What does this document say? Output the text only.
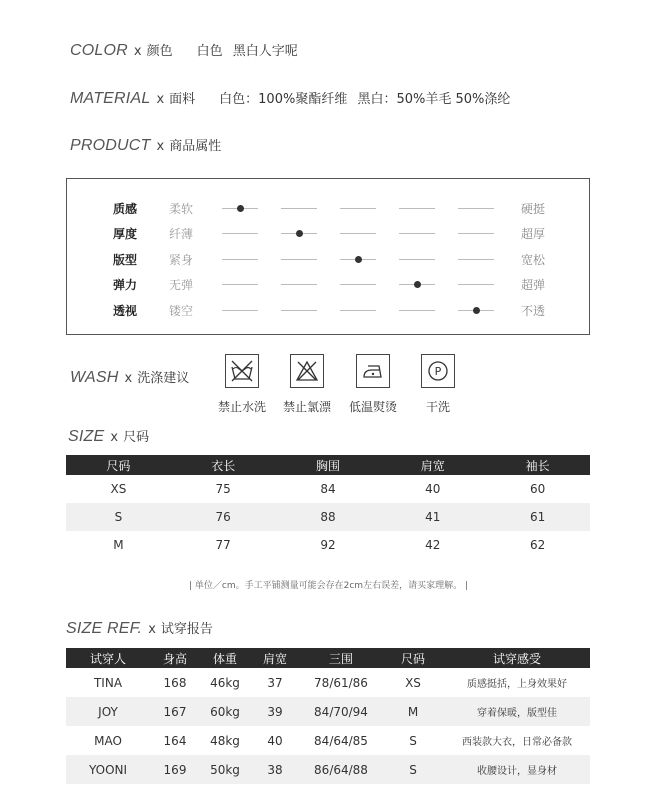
COLOR x 颜色 白色 黑白人字呢
MATERIAL x 面料 白色：100%聚酯纤维 黑白：50%羊毛 50%涤纶
PRODUCT x 商品属性
质感	柔软	硬挺
厚度	纤薄	超厚
版型	紧身	宽松
弹力	无弹	超弹
透视	镂空	不透
WASH x 洗涤建议
禁止水洗	禁止氯漂	低温熨烫
P
干洗
SIZE x 尺码
尺码	衣长	胸围	肩宽	袖长
XS	75	84	40	60
S	76	88	41	61
M	77	92	42	62
| 单位／cm。手工平铺测量可能会存在2cm左右误差，请买家理解。 |
SIZE REF. x 试穿报告
试穿人	身高	体重	肩宽	三围	尺码	试穿感受
TINA	168	46kg	37	78/61/86	XS	质感挺括，上身效果好
JOY	167	60kg	39	84/70/94	M	穿着保暖，版型佳
MAO	164	48kg	40	84/64/85	S	西装款大衣，日常必备款
YOONI	169	50kg	38	86/64/88	S	收腰设计，显身材
